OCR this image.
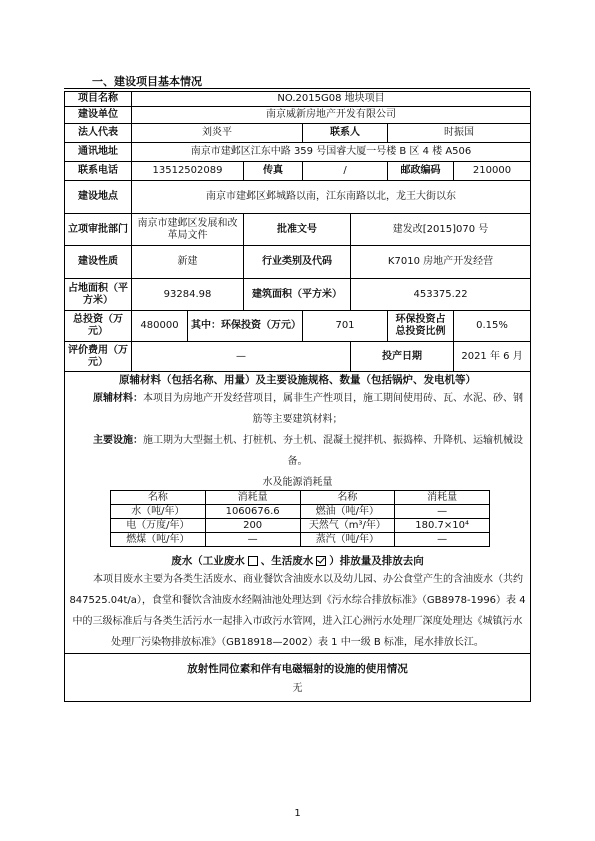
一、建设项目基本情况
项目名称	NO.2015G08 地块项目
建设单位	南京威新房地产开发有限公司
法人代表	刘炎平	联系人	时振国
通讯地址	南京市建邺区江东中路 359 号国睿大厦一号楼 B 区 4 楼 A506
联系电话	13512502089	传真	/	邮政编码	210000
建设地点	南京市建邺区邺城路以南，江东南路以北，龙王大街以东
立项审批部门	南京市建邺区发展和改革局文件	批准文号	建发改[2015]070 号
建设性质	新建	行业类别及代码	K7010 房地产开发经营
占地面积（平方米）	93284.98	建筑面积（平方米）	453375.22
总投资（万元）	480000	其中：环保投资（万元）	701	环保投资占总投资比例	0.15%
评价费用（万元）	—	投产日期	2021 年 6 月

原辅材料（包括名称、用量）及主要设施规格、数量（包括锅炉、发电机等）

原辅材料：本项目为房地产开发经营项目，属非生产性项目，施工期间使用砖、瓦、水泥、砂、钢筋等主要建筑材料；

主要设施：施工期为大型掘土机、打桩机、夯土机、混凝土搅拌机、振捣棒、升降机、运输机械设备。

水及能源消耗量
名称	消耗量	名称	消耗量
水（吨/年）	1060676.6	燃油（吨/年）	—
电（万度/年）	200	天然气（m³/年）	180.7×10⁴
燃煤（吨/年）	—	蒸汽（吨/年）	—
废水（工业废水 、生活废水 ）排放量及排放去向

本项目废水主要为各类生活废水、商业餐饮含油废水以及幼儿园、办公食堂产生的含油废水（共约 847525.04t/a），食堂和餐饮含油废水经隔油池处理达到《污水综合排放标准》（GB8978-1996）表 4 中的三级标准后与各类生活污水一起排入市政污水管网，进入江心洲污水处理厂深度处理达《城镇污水处理厂污染物排放标准》（GB18918—2002）表 1 中一级 B 标准，尾水排放长江。

放射性同位素和伴有电磁辐射的设施的使用情况
无
1
